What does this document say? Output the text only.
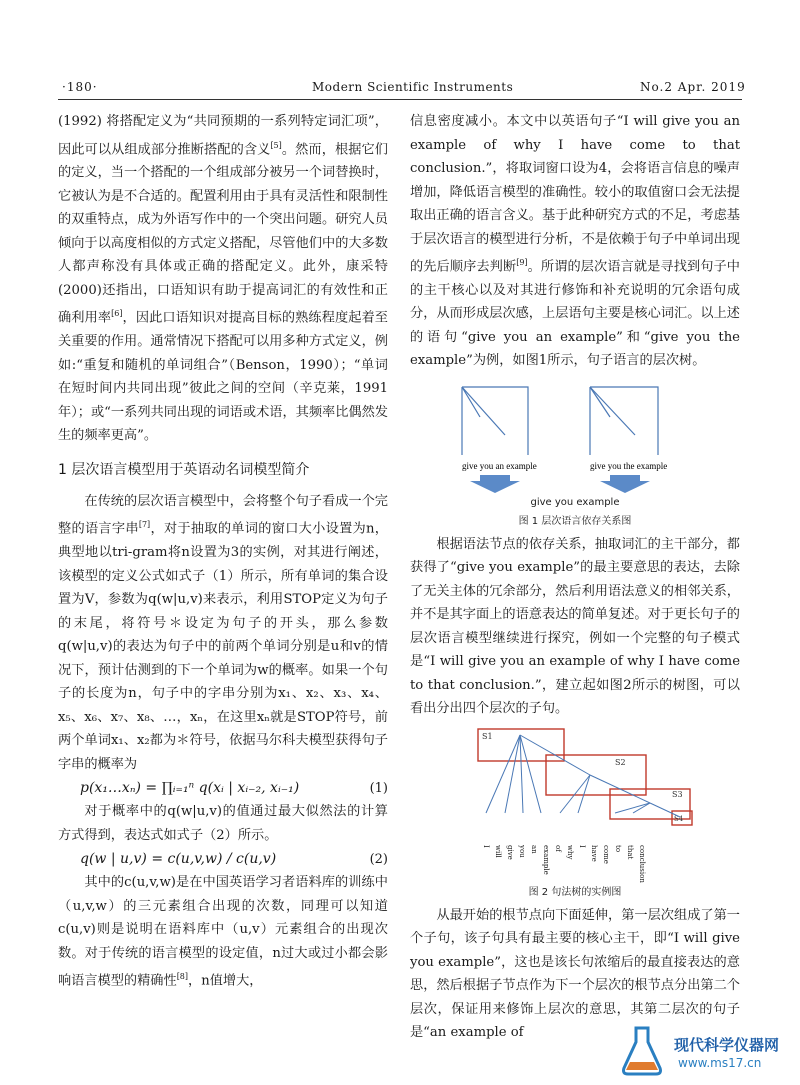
·180·	Modern Scientific Instruments	No.2 Apr. 2019

(1992) 将搭配定义为“共同预期的一系列特定词汇项”，因此可以从组成部分推断搭配的含义[5]。然而，根据它们的定义，当一个搭配的一个组成部分被另一个词替换时，它被认为是不合适的。配置利用由于具有灵活性和限制性的双重特点，成为外语写作中的一个突出问题。研究人员倾向于以高度相似的方式定义搭配，尽管他们中的大多数人都声称没有具体或正确的搭配定义。此外，康采特(2000)还指出，口语知识有助于提高词汇的有效性和正确利用率[6]，因此口语知识对提高目标的熟练程度起着至关重要的作用。通常情况下搭配可以用多种方式定义，例如:“重复和随机的单词组合”（Benson，1990）；“单词在短时间内共同出现”彼此之间的空间（辛克莱，1991 年）；或“一系列共同出现的词语或术语，其频率比偶然发生的频率更高”。

1 层次语言模型用于英语动名词模型简介

在传统的层次语言模型中，会将整个句子看成一个完整的语言字串[7]，对于抽取的单词的窗口大小设置为n，典型地以tri-gram将n设置为3的实例，对其进行阐述，该模型的定义公式如式子（1）所示，所有单词的集合设置为V，参数为q(w|u,v)来表示，利用STOP定义为句子的末尾，将符号＊设定为句子的开头，那么参数q(w|u,v)的表达为句子中的前两个单词分别是u和v的情况下，预计估测到的下一个单词为w的概率。如果一个句子的长度为n，句子中的字串分别为x₁、x₂、x₃、x₄、x₅、x₆、x₇、x₈、…，xₙ，在这里xₙ就是STOP符号，前两个单词x₁、x₂都为＊符号，依据马尔科夫模型获得句子字串的概率为

p(x₁…xₙ) = ∏ᵢ₌₁ⁿ q(xᵢ | xᵢ₋₂, xᵢ₋₁)	(1)

对于概率中的q(w|u,v)的值通过最大似然法的计算方式得到，表达式如式子（2）所示。

q(w | u,v) = c(u,v,w) / c(u,v)	(2)

其中的c(u,v,w)是在中国英语学习者语料库的训练中（u,v,w）的三元素组合出现的次数，同理可以知道c(u,v)则是说明在语料库中（u,v）元素组合的出现次数。对于传统的语言模型的设定值，n过大或过小都会影响语言模型的精确性[8]，n值增大，

信息密度减小。本文中以英语句子“I will give you an example of why I have come to that conclusion.”，将取词窗口设为4，会将语言信息的噪声增加，降低语言模型的准确性。较小的取值窗口会无法提取出正确的语言含义。基于此种研究方式的不足，考虑基于层次语言的模型进行分析，不是依赖于句子中单词出现的先后顺序去判断[9]。所谓的层次语言就是寻找到句子中的主干核心以及对其进行修饰和补充说明的冗余语句成分，从而形成层次感，上层语句主要是核心词汇。以上述的语句“give you an example”和“give you the example”为例，如图1所示，句子语言的层次树。

give you an example	give you the example
give you example
图 1 层次语言依存关系图

根据语法节点的依存关系，抽取词汇的主干部分，都获得了“give you example”的最主要意思的表达，去除了无关主体的冗余部分，然后利用语法意义的相邻关系，并不是其字面上的语意表达的简单复述。对于更长句子的层次语言模型继续进行探究，例如一个完整的句子模式是“I will give you an example of why I have come to that conclusion.”，建立起如图2所示的树图，可以看出分出四个层次的子句。

S1
S2
S3
S4
I will give you an example of why I have come to that conclusion
图 2 句法树的实例图

从最开始的根节点向下面延伸，第一层次组成了第一个子句，该子句具有最主要的核心主干，即“I will give you example”，这也是该长句浓缩后的最直接表达的意思，然后根据子节点作为下一个层次的根节点分出第二个层次，保证用来修饰上层次的意思，其第二层次的句子是“an example of

现代科学仪器网
www.ms17.cn
